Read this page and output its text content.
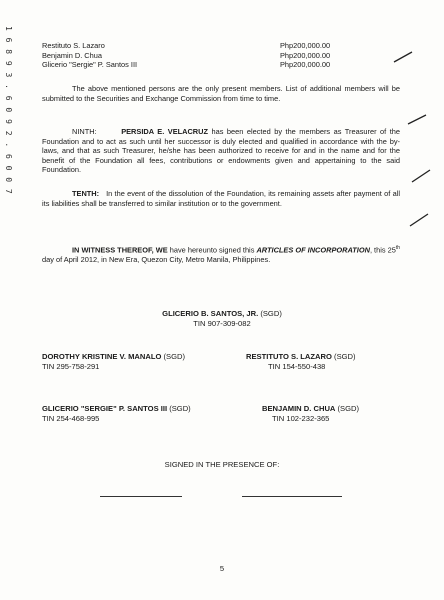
1 6 8 9 3 . 6 0 9 2 . 6 0 0 7	Restituto S. Lazaro	Php200,000.00
Benjamin D. Chua	Php200,000.00
Glicerio "Sergie" P. Santos III	Php200,000.00
The above mentioned persons are the only present members. List of additional members will be submitted to the Securities and Exchange Commission from time to time.
NINTH:	PERSIDA E. VELACRUZ has been elected by the members as Treasurer of the Foundation and to act as such until her successor is duly elected and qualified in accordance with the by-laws, and that as such Treasurer, he/she has been authorized to receive for and in the name and for the benefit of the Foundation all fees, contributions or endowments given and appertaining to the said Foundation.
TENTH: In the event of the dissolution of the Foundation, its remaining assets after payment of all its liabilities shall be transferred to similar institution or to the government.
IN WITNESS THEREOF, WE have hereunto signed this ARTICLES OF INCORPORATION, this 25th day of April 2012, in New Era, Quezon City, Metro Manila, Philippines.
GLICERIO B. SANTOS, JR. (SGD)
TIN 907-309-082
DOROTHY KRISTINE V. MANALO (SGD)
TIN 295-758-291
RESTITUTO S. LAZARO (SGD)
TIN 154-550-438
GLICERIO "SERGIE" P. SANTOS III (SGD)
TIN 254-468-995
BENJAMIN D. CHUA (SGD)
TIN 102-232-365
SIGNED IN THE PRESENCE OF:
5
